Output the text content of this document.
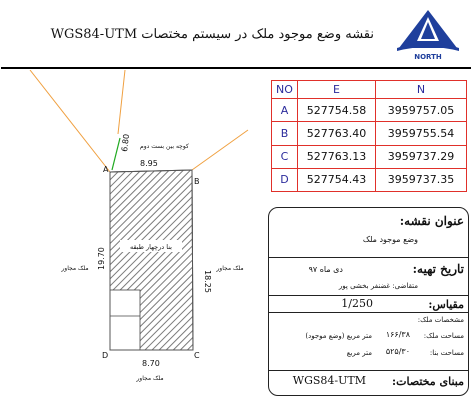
نقشه وضع موجود ملک در سیستم مختصات WGS84-UTM
NORTH
6.80 کوچه بین بست دوم
A
B
C
D
8.95
8.70
19.70
18.25
بنا درچهار طبقه
ملک مجاور	ملک مجاور
ملک مجاور
NO	E	N
A	527754.58	3959757.05
B	527763.40	3959755.54
C	527763.13	3959737.29
D	527754.43	3959737.35
عنوان نقشه:
وضع موجود ملک
تاریخ تهیه:
دی ماه ۹۷
متقاضی: غضنفر بخشی پور
مقیاس:
1/250
مشخصات ملک:
مساحت ملک:
۱۶۶/۳۸
متر مربع (وضع موجود)
مساحت بنا:
۵۲۵/۳۰
متر مربع
مبنای مختصات:
WGS84-UTM
